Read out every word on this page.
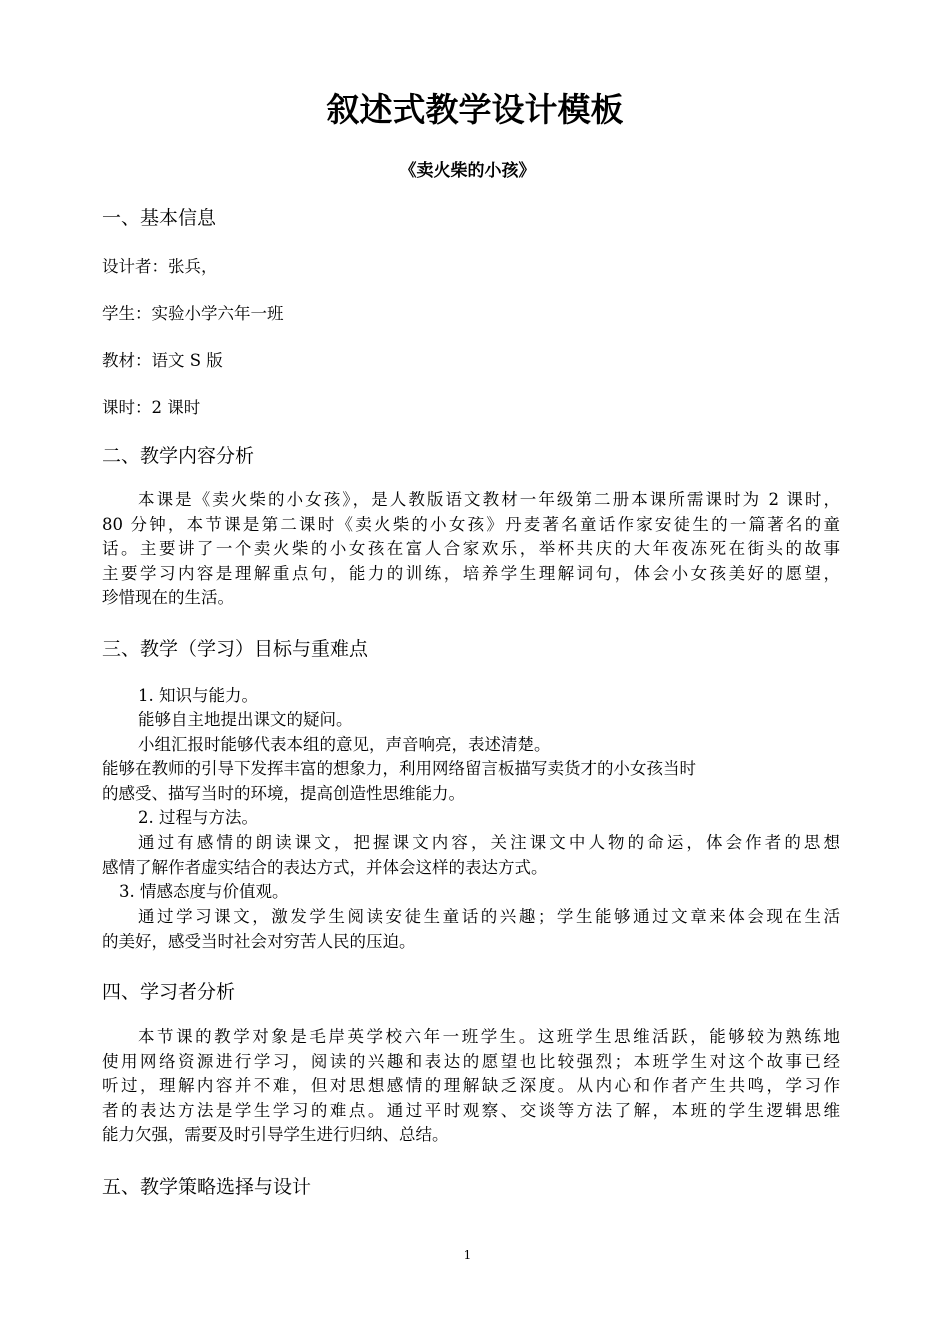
叙述式教学设计模板
《卖火柴的小孩》
一、基本信息
设计者：张兵，
学生：实验小学六年一班
教材：语文 S 版
课时：2 课时
二、教学内容分析
本课是《卖火柴的小女孩》，是人教版语文教材一年级第二册本课所需课时为 2 课时，
80 分钟，本节课是第二课时《卖火柴的小女孩》丹麦著名童话作家安徒生的一篇著名的童
话。主要讲了一个卖火柴的小女孩在富人合家欢乐，举杯共庆的大年夜冻死在街头的故事
主要学习内容是理解重点句，能力的训练，培养学生理解词句，体会小女孩美好的愿望，
珍惜现在的生活。
三、教学（学习）目标与重难点
1. 知识与能力。
能够自主地提出课文的疑问。
小组汇报时能够代表本组的意见，声音响亮，表述清楚。
能够在教师的引导下发挥丰富的想象力，利用网络留言板描写卖货才的小女孩当时
的感受、描写当时的环境，提高创造性思维能力。
2. 过程与方法。
通过有感情的朗读课文，把握课文内容，关注课文中人物的命运，体会作者的思想
感情了解作者虚实结合的表达方式，并体会这样的表达方式。
3. 情感态度与价值观。
通过学习课文，激发学生阅读安徒生童话的兴趣；学生能够通过文章来体会现在生活
的美好，感受当时社会对穷苦人民的压迫。
四、学习者分析
本节课的教学对象是毛岸英学校六年一班学生。这班学生思维活跃，能够较为熟练地
使用网络资源进行学习，阅读的兴趣和表达的愿望也比较强烈；本班学生对这个故事已经
听过，理解内容并不难，但对思想感情的理解缺乏深度。从内心和作者产生共鸣，学习作
者的表达方法是学生学习的难点。通过平时观察、交谈等方法了解，本班的学生逻辑思维
能力欠强，需要及时引导学生进行归纳、总结。
五、教学策略选择与设计
1
